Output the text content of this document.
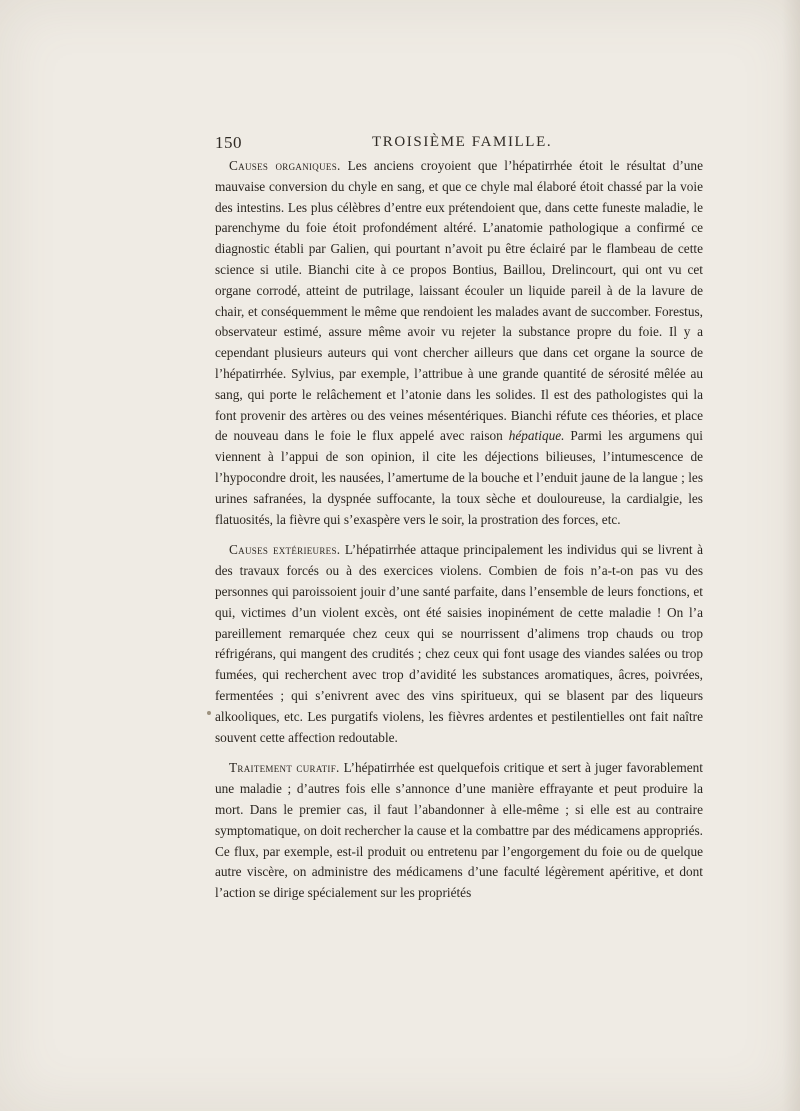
150	TROISIÈME FAMILLE.

Causes organiques. Les anciens croyoient que l’hépatirrhée étoit le résultat d’une mauvaise conversion du chyle en sang, et que ce chyle mal élaboré étoit chassé par la voie des intestins. Les plus célèbres d’entre eux prétendoient que, dans cette funeste maladie, le parenchyme du foie étoit profondément altéré. L’anatomie pathologique a confirmé ce diagnostic établi par Galien, qui pourtant n’avoit pu être éclairé par le flambeau de cette science si utile. Bianchi cite à ce propos Bontius, Baillou, Drelincourt, qui ont vu cet organe corrodé, atteint de putrilage, laissant écouler un liquide pareil à de la lavure de chair, et conséquemment le même que rendoient les malades avant de succomber. Forestus, observateur estimé, assure même avoir vu rejeter la substance propre du foie. Il y a cependant plusieurs auteurs qui vont chercher ailleurs que dans cet organe la source de l’hépatirrhée. Sylvius, par exemple, l’attribue à une grande quantité de sérosité mêlée au sang, qui porte le relâchement et l’atonie dans les solides. Il est des pathologistes qui la font provenir des artères ou des veines mésentériques. Bianchi réfute ces théories, et place de nouveau dans le foie le flux appelé avec raison hépatique. Parmi les argumens qui viennent à l’appui de son opinion, il cite les déjections bilieuses, l’intumescence de l’hypocondre droit, les nausées, l’amertume de la bouche et l’enduit jaune de la langue ; les urines safranées, la dyspnée suffocante, la toux sèche et douloureuse, la cardialgie, les flatuosités, la fièvre qui s’exaspère vers le soir, la prostration des forces, etc.

Causes extérieures. L’hépatirrhée attaque principalement les individus qui se livrent à des travaux forcés ou à des exercices violens. Combien de fois n’a-t-on pas vu des personnes qui paroissoient jouir d’une santé parfaite, dans l’ensemble de leurs fonctions, et qui, victimes d’un violent excès, ont été saisies inopinément de cette maladie ! On l’a pareillement remarquée chez ceux qui se nourrissent d’alimens trop chauds ou trop réfrigérans, qui mangent des crudités ; chez ceux qui font usage des viandes salées ou trop fumées, qui recherchent avec trop d’avidité les substances aromatiques, âcres, poivrées, fermentées ; qui s’enivrent avec des vins spiritueux, qui se blasent par des liqueurs alkooliques, etc. Les purgatifs violens, les fièvres ardentes et pestilentielles ont fait naître souvent cette affection redoutable.

Traitement curatif. L’hépatirrhée est quelquefois critique et sert à juger favorablement une maladie ; d’autres fois elle s’annonce d’une manière effrayante et peut produire la mort. Dans le premier cas, il faut l’abandonner à elle-même ; si elle est au contraire symptomatique, on doit rechercher la cause et la combattre par des médicamens appropriés. Ce flux, par exemple, est-il produit ou entretenu par l’engorgement du foie ou de quelque autre viscère, on administre des médicamens d’une faculté légèrement apéritive, et dont l’action se dirige spécialement sur les propriétés
